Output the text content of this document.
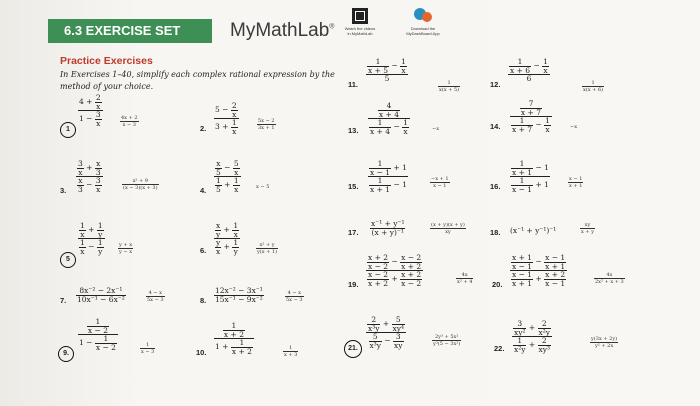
6.3 EXERCISE SET	MyMathLab®	Watch the videos
in MyMathLab
Download the
MyDashBoard App
Practice Exercises
In Exercises 1–40, simplify each complex rational expression by the method of your choice.
1
$\frac{4 + \frac{2}{x}}{1 - \frac{3}{x}}$	$\frac{4x + 2}{x - 3}$
2. $\frac{5 - \frac{2}{x}}{3 + \frac{1}{x}}$	$\frac{5x - 2}{3x + 1}$
3. $\frac{\frac{3}{x} + \frac{x}{3}}{\frac{x}{3} - \frac{3}{x}}$	$\frac{\text{x² + 9}}{(x - 3)(x + 3)}$	4. $\frac{\frac{x}{5} - \frac{5}{x}}{\frac{1}{5} + \frac{1}{x}}$	x − 5
5
$\frac{\frac{1}{x} + \frac{1}{y}}{\frac{1}{x} - \frac{1}{y}}$	$\frac{y + x}{y - x}$	6. $\frac{\frac{x}{y} + \frac{1}{x}}{\frac{y}{x} + \frac{1}{y}}$	$\frac{\text{x² + y}}{y(x + 1)}$
7. $\frac{\text{8x⁻² − 2x⁻¹}}{\text{10x⁻¹ − 6x⁻²}}$	$\frac{4 - x}{5x - 3}$	8. $\frac{\text{12x⁻² − 3x⁻¹}}{\text{15x⁻¹ − 9x⁻²}}$	$\frac{4 - x}{5x - 3}$
9.
$\frac{\frac{1}{x - 2}}{1 - \frac{1}{x - 2}}$	$\frac{1}{x - 3}$	10. $\frac{\frac{1}{x + 2}}{1 + \frac{1}{x + 2}}$	$\frac{1}{x + 3}$
11.
$\frac{\frac{1}{x + 5} - \frac{1}{x}}{5}$
$\frac{1}{x(x + 5)}$	12.
$\frac{\frac{1}{x + 6} - \frac{1}{x}}{6}$
$\frac{1}{x(x + 6)}$
13. $\frac{\frac{4}{x + 4}}{\frac{1}{x + 4} - \frac{1}{x}}$	−x	14. $\frac{\frac{7}{x + 7}}{\frac{1}{x + 7} - \frac{1}{x}}$	−x
15. $\frac{\frac{1}{x - 1} + 1}{\frac{1}{x + 1} - 1}$	$\frac{-x + 1}{x - 1}$	16. $\frac{\frac{1}{x + 1} - 1}{\frac{1}{x - 1} + 1}$	$\frac{x - 1}{x + 1}$
17. $\frac{\text{x⁻¹ + y⁻¹}}{\text{(x + y)⁻¹}}$	$\frac{(x + y)(x + y)}{xy}$	18. (x⁻¹ + y⁻¹)⁻¹	$\frac{xy}{x + y}$
19. $\frac{\frac{x + 2}{x - 2} - \frac{x - 2}{x + 2}}{\frac{x - 2}{x + 2} + \frac{x + 2}{x - 2}}$	$\frac{4x}{\text{x² + 4}} 20$. $\frac{\frac{x + 1}{x - 1} - \frac{x - 1}{x + 1}}{\frac{x - 1}{x + 1} + \frac{x + 2}{x - 1}}$	$\frac{4x}{\text{2x² + x + 3}}$
21.	$\frac{\frac{2}{\text{x³y}} + \frac{5}{\text{xy⁴}}}{\frac{5}{\text{x³y}} - \frac{3}{xy}}$	$\frac{\text{2y³ + 5x²}}{\text{y³(5 − 3x²)}}$
22. $\frac{\frac{3}{\text{xy²}} + \frac{2}{\text{x²y}}}{\frac{1}{\text{x²y}} + \frac{2}{\text{xy³}}}$	$\frac{y(3x + 2y)}{\text{y² + 2x}}$
